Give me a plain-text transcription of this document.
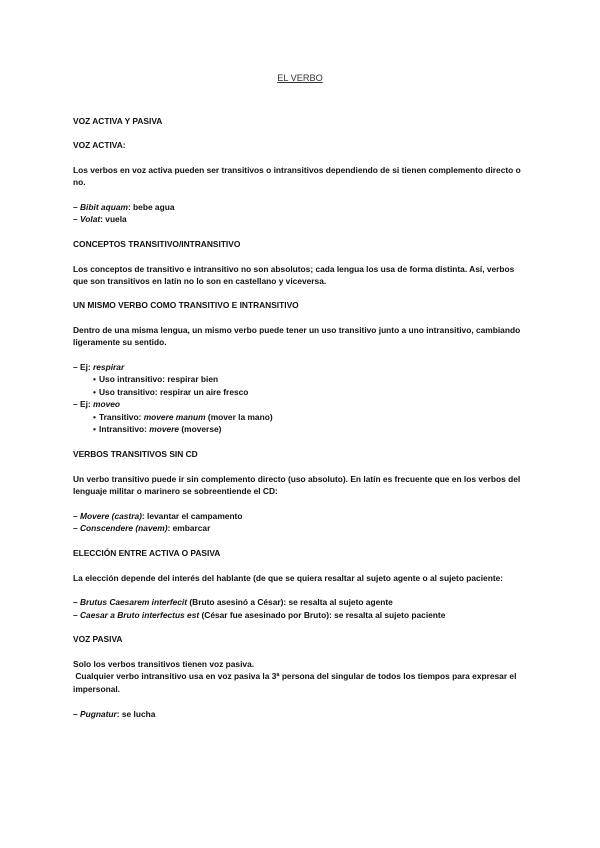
EL VERBO

VOZ ACTIVA Y PASIVA

VOZ ACTIVA:

Los verbos en voz activa pueden ser transitivos o intransitivos dependiendo de si tienen complemento directo o

no.

– Bibit aquam: bebe agua

– Volat: vuela

CONCEPTOS TRANSITIVO/INTRANSITIVO

Los conceptos de transitivo e intransitivo no son absolutos; cada lengua los usa de forma distinta. Así, verbos

que son transitivos en latín no lo son en castellano y viceversa.

UN MISMO VERBO COMO TRANSITIVO E INTRANSITIVO

Dentro de una misma lengua, un mismo verbo puede tener un uso transitivo junto a uno intransitivo, cambiando

ligeramente su sentido.

– Ej: respirar

• Uso intransitivo: respirar bien

• Uso transitivo: respirar un aire fresco

– Ej: moveo

• Transitivo: movere manum (mover la mano)

• Intransitivo: movere (moverse)

VERBOS TRANSITIVOS SIN CD

Un verbo transitivo puede ir sin complemento directo (uso absoluto). En latín es frecuente que en los verbos del

lenguaje militar o marinero se sobreentiende el CD:

– Movere (castra): levantar el campamento

– Conscendere (navem): embarcar

ELECCIÓN ENTRE ACTIVA O PASIVA

La elección depende del interés del hablante (de que se quiera resaltar al sujeto agente o al sujeto paciente:

– Brutus Caesarem interfecit (Bruto asesinó a César): se resalta al sujeto agente

– Caesar a Bruto interfectus est (César fue asesinado por Bruto): se resalta al sujeto paciente

VOZ PASIVA

Solo los verbos transitivos tienen voz pasiva.

Cualquier verbo intransitivo usa en voz pasiva la 3ª persona del singular de todos los tiempos para expresar el

impersonal.

– Pugnatur: se lucha
